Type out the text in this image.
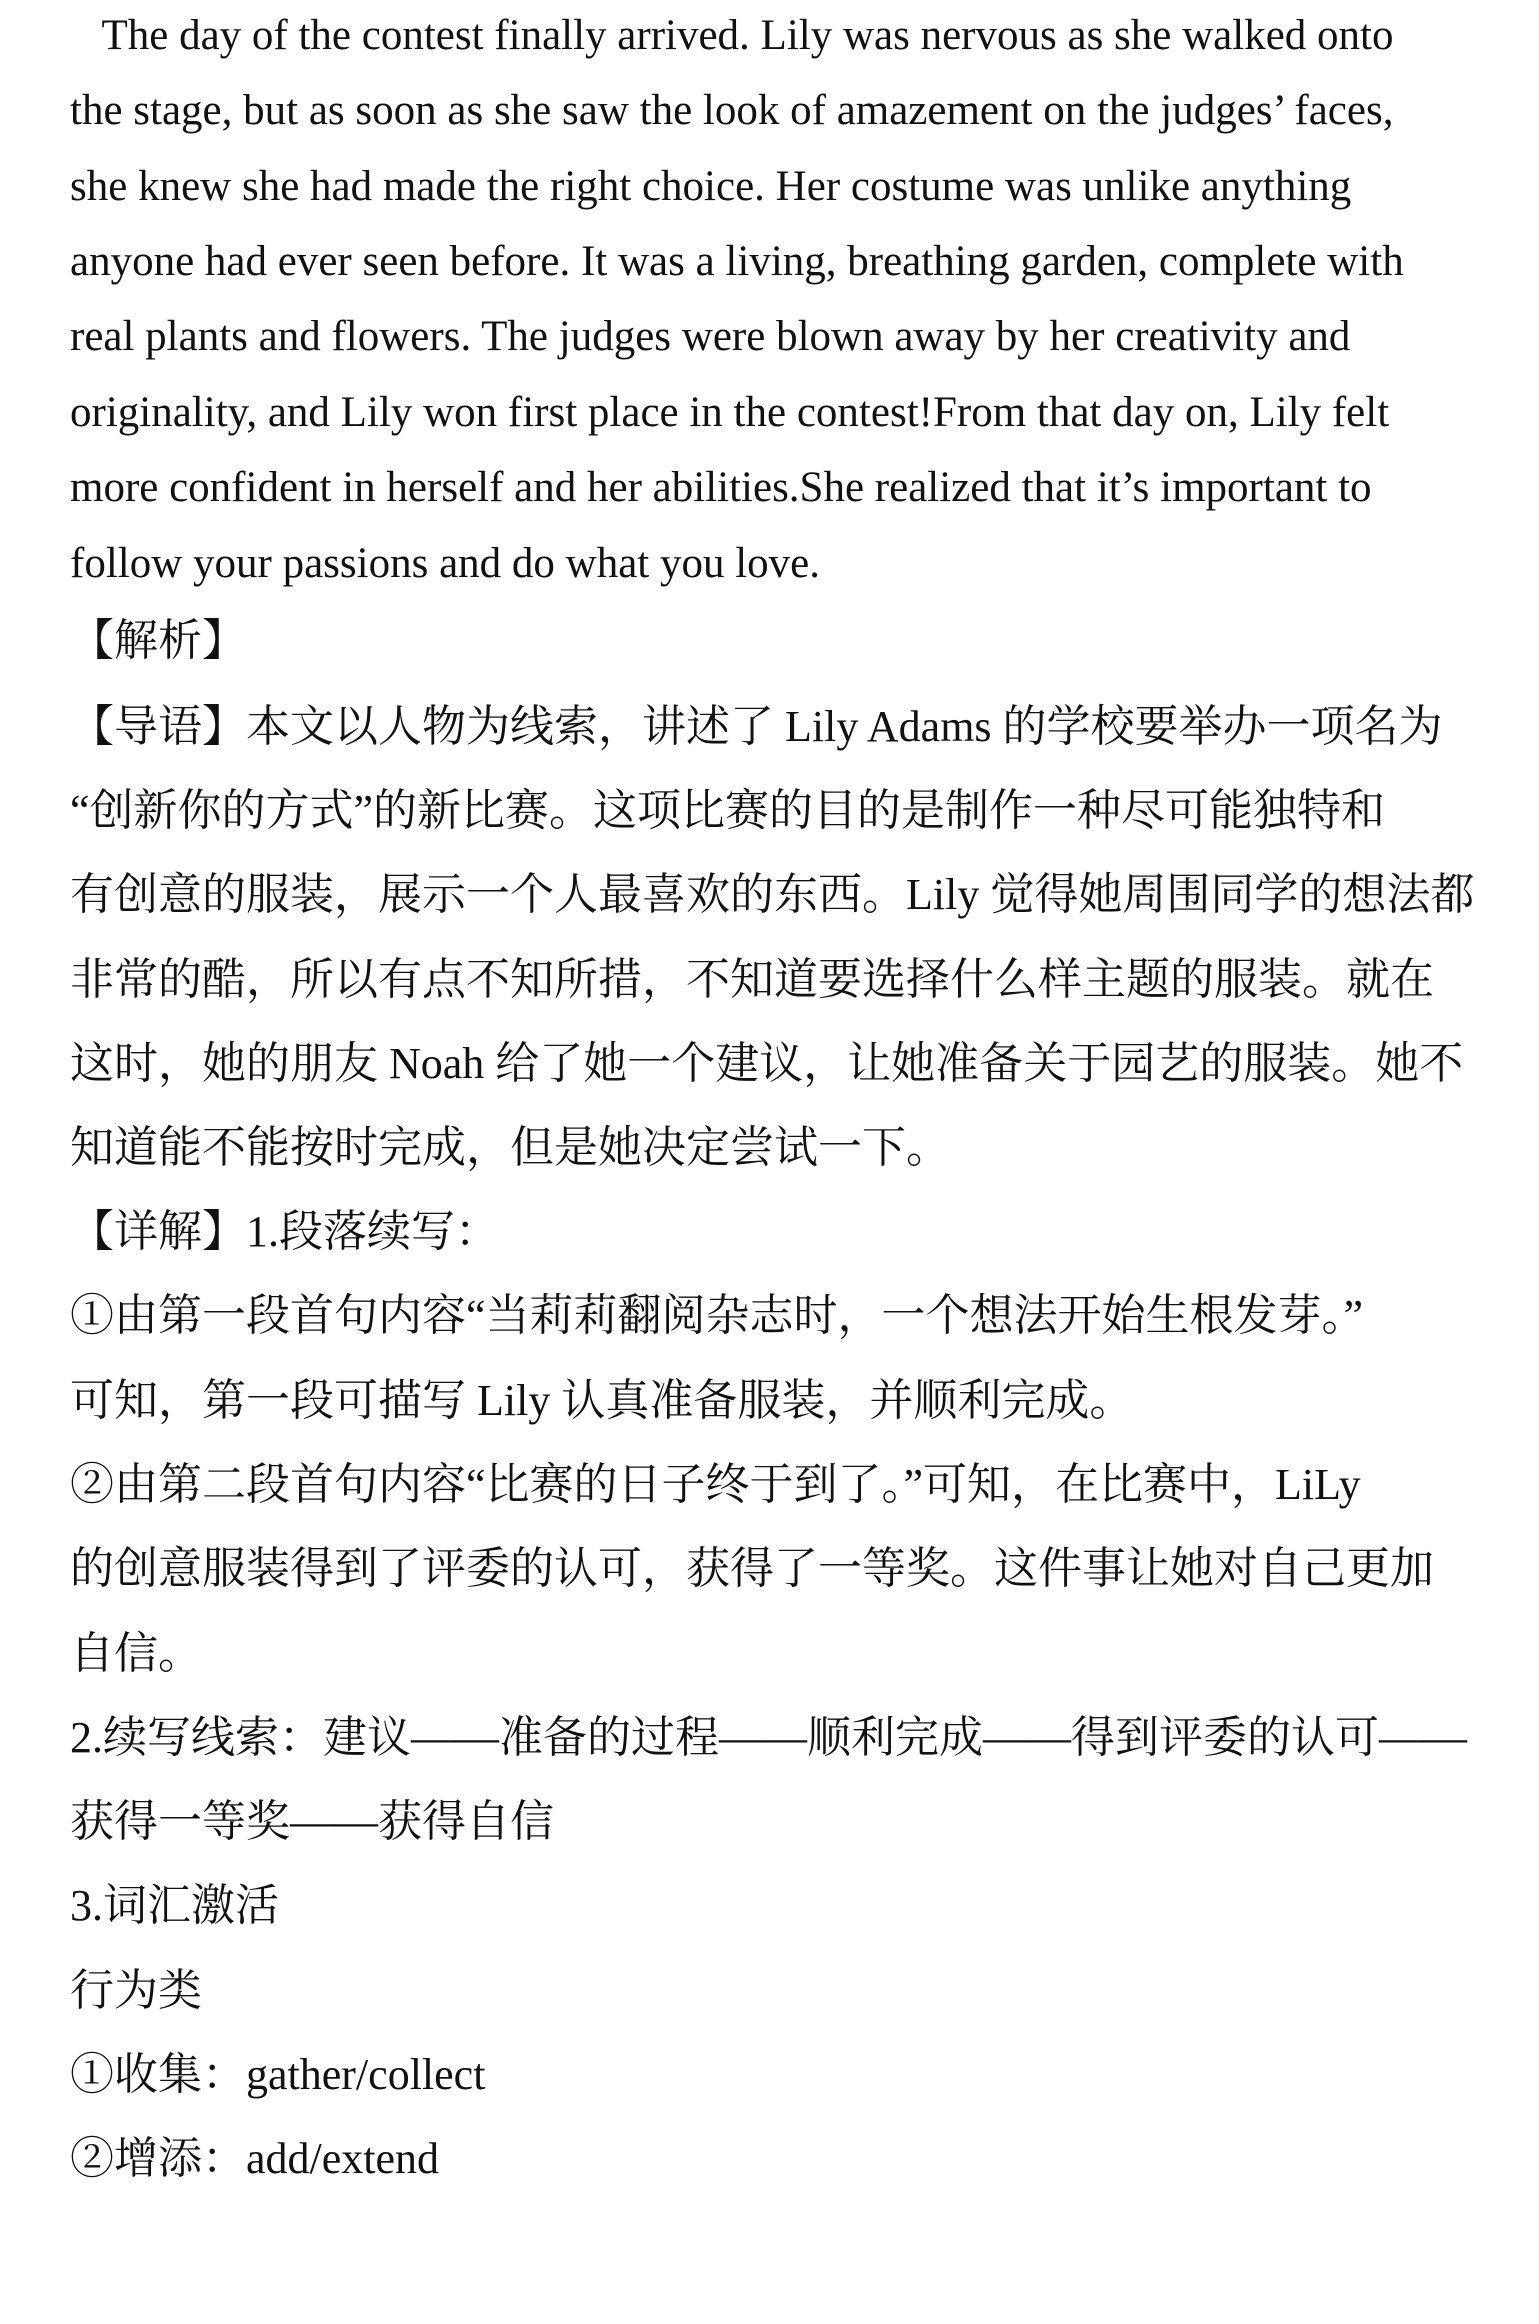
The day of the contest finally arrived. Lily was nervous as she walked onto
the stage, but as soon as she saw the look of amazement on the judges’ faces,
she knew she had made the right choice. Her costume was unlike anything
anyone had ever seen before. It was a living, breathing garden, complete with
real plants and flowers. The judges were blown away by her creativity and
originality, and Lily won first place in the contest!From that day on, Lily felt
more confident in herself and her abilities.She realized that it’s important to
follow your passions and do what you love.
【解析】
【导语】本文以人物为线索，讲述了 Lily Adams 的学校要举办一项名为
“创新你的方式”的新比赛。这项比赛的目的是制作一种尽可能独特和
有创意的服装，展示一个人最喜欢的东西。Lily 觉得她周围同学的想法都
非常的酷，所以有点不知所措，不知道要选择什么样主题的服装。就在
这时，她的朋友 Noah 给了她一个建议，让她准备关于园艺的服装。她不
知道能不能按时完成，但是她决定尝试一下。
【详解】1.段落续写：
①由第一段首句内容“当莉莉翻阅杂志时，一个想法开始生根发芽。”
可知，第一段可描写 Lily 认真准备服装，并顺利完成。
②由第二段首句内容“比赛的日子终于到了。”可知，在比赛中，LiLy
的创意服装得到了评委的认可，获得了一等奖。这件事让她对自己更加
自信。
2.续写线索：建议——准备的过程——顺利完成——得到评委的认可——
获得一等奖——获得自信
3.词汇激活
行为类
①收集：gather/collect
②增添：add/extend
